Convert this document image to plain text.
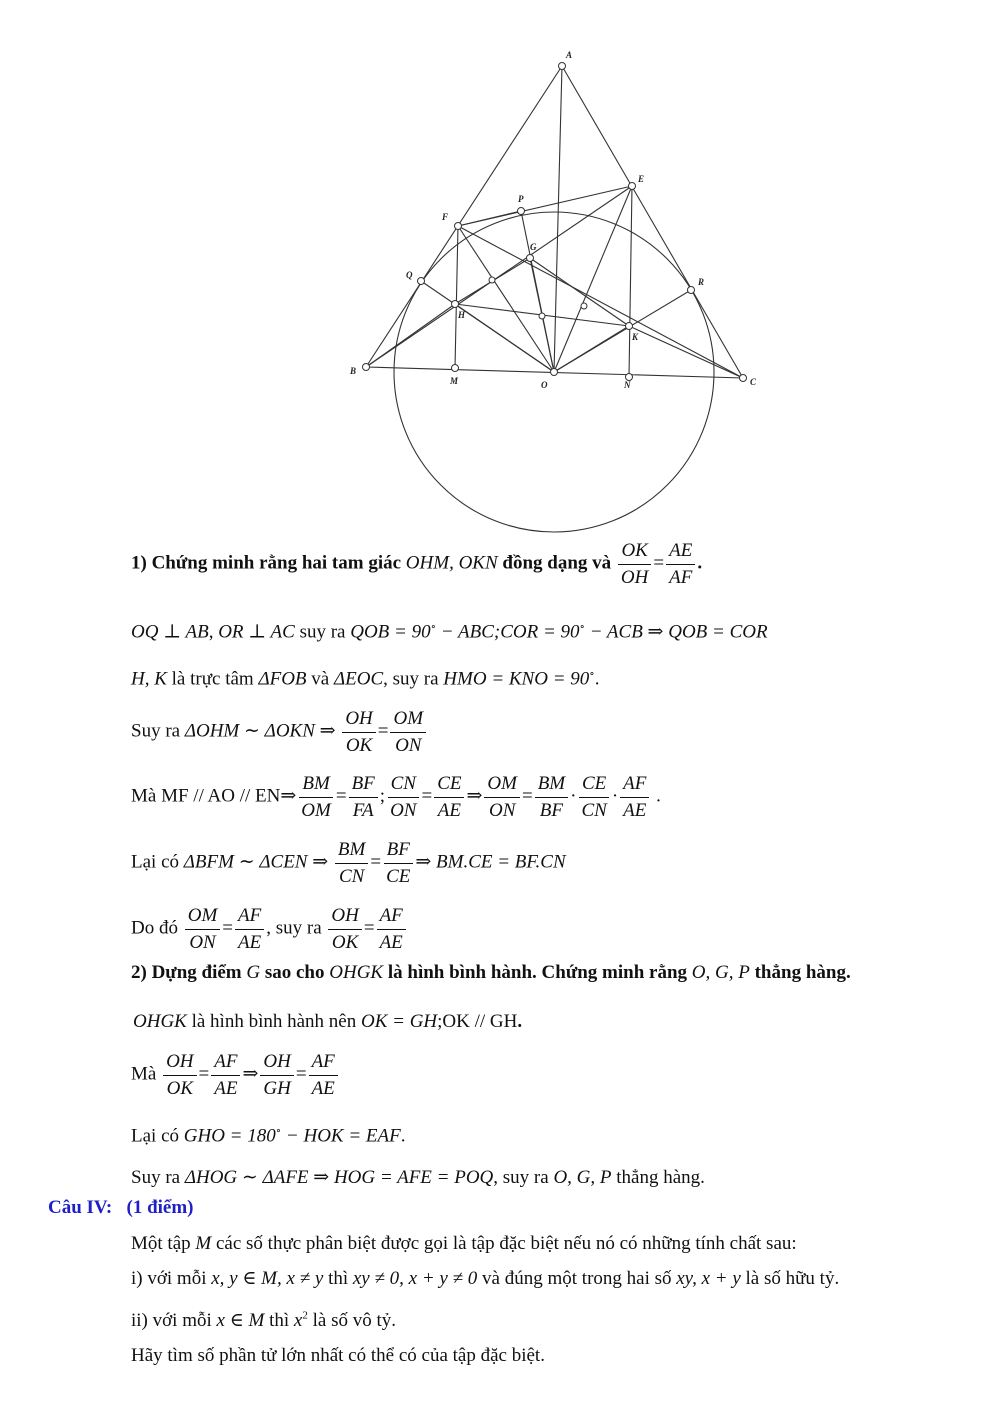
A
E
P
F
G
Q
R
H
K
B
M	O	N	C
1) Chứng minh rằng hai tam giác OHM, OKN đồng dạng và $\frac{OK}{OH} = \frac{AE}{AF}$ .
OQ ⊥ AB, OR ⊥ AC suy ra QOB = 90∘ − ABC;COR = 90∘ − ACB ⇒ QOB = COR
H, K là trực tâm ΔFOB và ΔEOC, suy ra HMO = KNO = 90∘.
Suy ra ΔOHM ∼ ΔOKN ⇒ $\frac{OH}{OK} = \frac{OM}{ON}$
Mà MF // AO // EN⇒ $\frac{BM}{OM} = \frac{BF}{FA}$ ; $\frac{CN}{ON} = \frac{CE}{AE}$ ⇒ $\frac{OM}{ON} = \frac{BM}{BF} \cdot \frac{CE}{CN} \cdot \frac{AF}{AE}$ .
Lại có ΔBFM ∼ ΔCEN ⇒ $\frac{BM}{CN} = \frac{BF}{CE}$ ⇒ BM.CE = BF.CN
Do đó $\frac{OM}{ON} = \frac{AF}{AE}$ , suy ra $\frac{OH}{OK} = \frac{AF}{AE}$
2) Dựng điểm G sao cho OHGK là hình bình hành. Chứng minh rằng O, G, P thẳng hàng.
OHGK là hình bình hành nên OK = GH;OK // GH.
Mà $\frac{OH}{OK} = \frac{AF}{AE}$ ⇒ $\frac{OH}{GH} = \frac{AF}{AE}$
Lại có GHO = 180∘ − HOK = EAF.
Suy ra ΔHOG ∼ ΔAFE ⇒ HOG = AFE = POQ, suy ra O, G, P thẳng hàng.
Câu IV: (1 điểm)
Một tập M các số thực phân biệt được gọi là tập đặc biệt nếu nó có những tính chất sau:
i) với mỗi x, y ∈ M, x ≠ y thì xy ≠ 0, x + y ≠ 0 và đúng một trong hai số xy, x + y là số hữu tỷ.
ii) với mỗi x ∈ M thì $x^2$ là số vô tỷ.
Hãy tìm số phần tử lớn nhất có thể có của tập đặc biệt.
